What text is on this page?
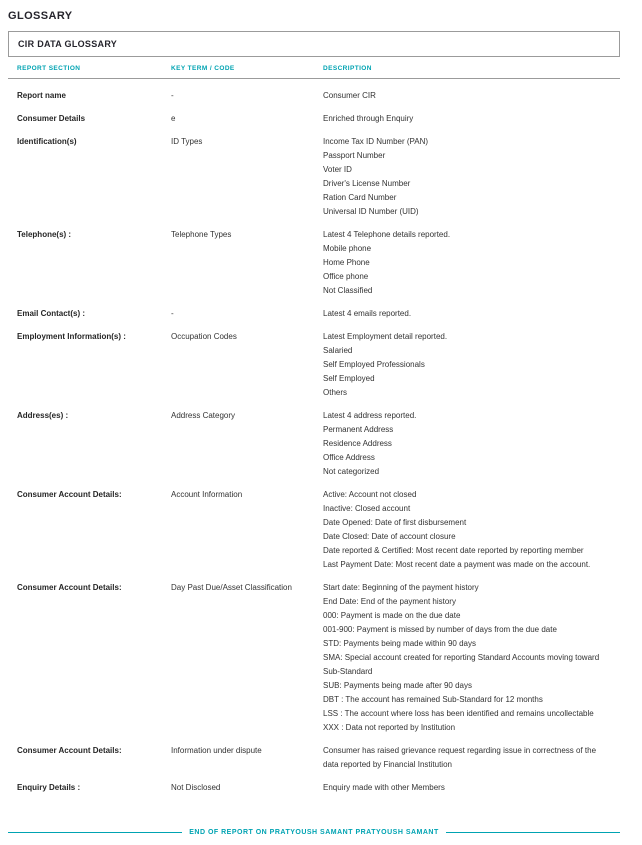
GLOSSARY
CIR DATA GLOSSARY
REPORT SECTION	KEY TERM / CODE	DESCRIPTION
Report name	-	Consumer CIR
Consumer Details	e	Enriched through Enquiry
Identification(s)	ID Types	Income Tax ID Number (PAN)
Passport Number
Voter ID
Driver's License Number
Ration Card Number
Universal ID Number (UID)
Telephone(s) :	Telephone Types	Latest 4 Telephone details reported.
Mobile phone
Home Phone
Office phone
Not Classified
Email Contact(s) :	-	Latest 4 emails reported.
Employment Information(s) :	Occupation Codes	Latest Employment detail reported.
Salaried
Self Employed Professionals
Self Employed
Others
Address(es) :	Address Category	Latest 4 address reported.
Permanent Address
Residence Address
Office Address
Not categorized
Consumer Account Details:	Account Information	Active: Account not closed
Inactive: Closed account
Date Opened: Date of first disbursement
Date Closed: Date of account closure
Date reported & Certified: Most recent date reported by reporting member
Last Payment Date: Most recent date a payment was made on the account.
Consumer Account Details:	Day Past Due/Asset Classification	Start date: Beginning of the payment history
End Date: End of the payment history
000: Payment is made on the due date
001-900: Payment is missed by number of days from the due date
STD: Payments being made within 90 days
SMA: Special account created for reporting Standard Accounts moving toward Sub-Standard
SUB: Payments being made after 90 days
DBT : The account has remained Sub-Standard for 12 months
LSS : The account where loss has been identified and remains uncollectable
XXX : Data not reported by Institution
Consumer Account Details:	Information under dispute	Consumer has raised grievance request regarding issue in correctness of the data reported by Financial Institution
Enquiry Details :	Not Disclosed	Enquiry made with other Members
END OF REPORT ON PRATYOUSH SAMANT PRATYOUSH SAMANT
